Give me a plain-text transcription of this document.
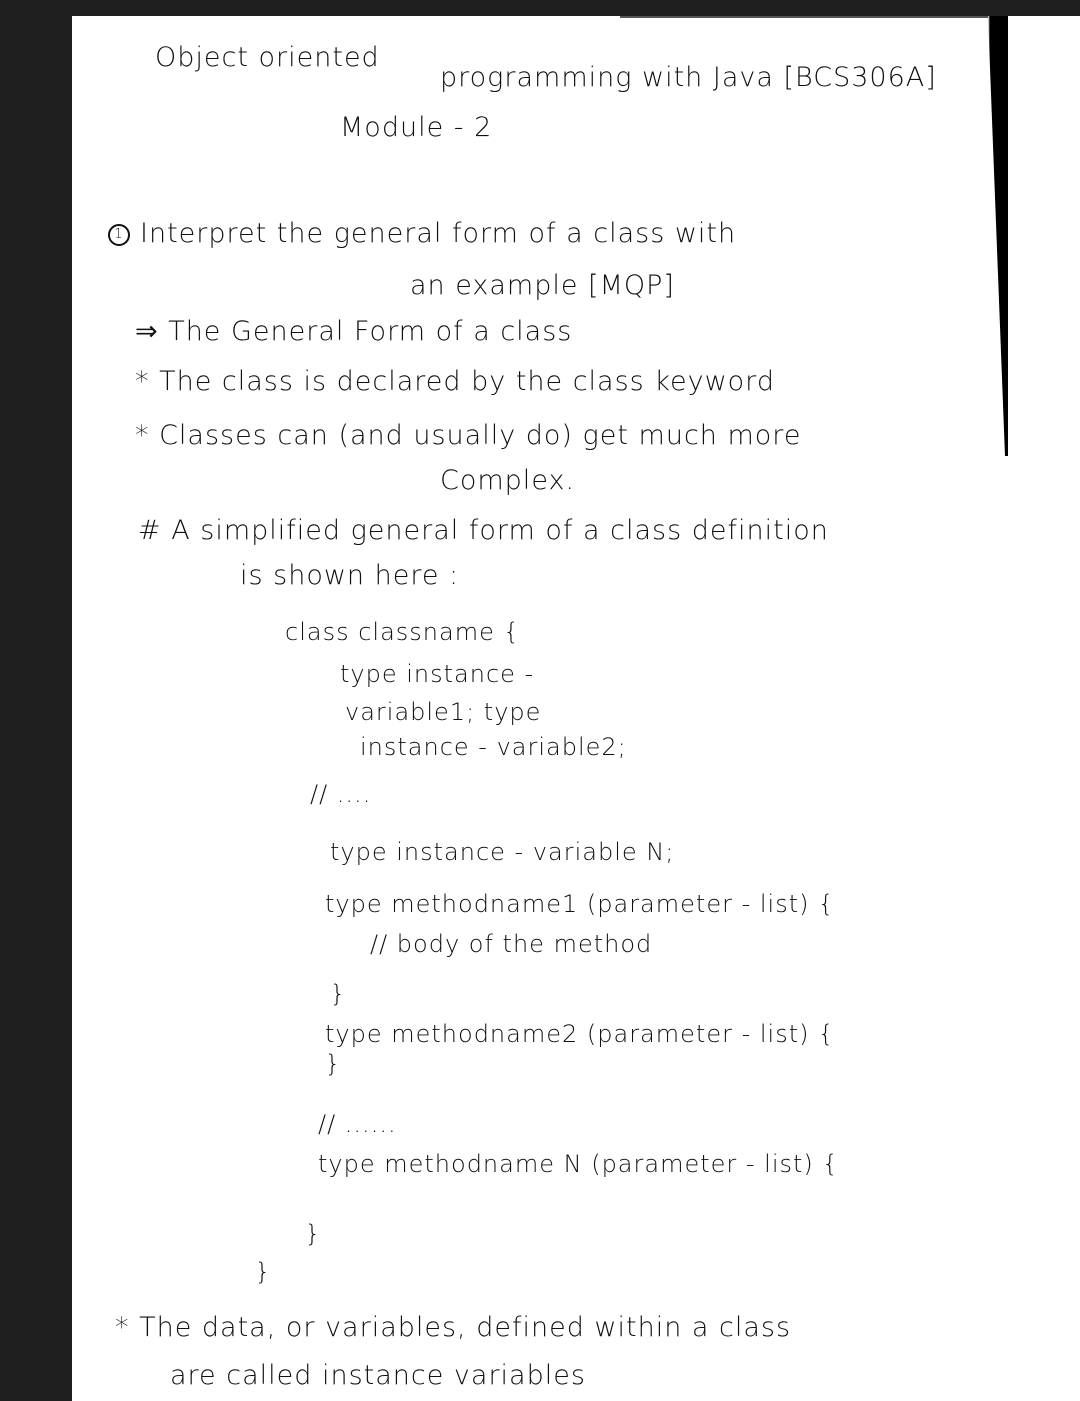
Object oriented
programming with Java [BCS306A]
Module - 2
1 Interpret the general form of a class with
an example [MQP]
⇒ The General Form of a class
* The class is declared by the class keyword
* Classes can (and usually do) get much more
Complex.
# A simplified general form of a class definition
is shown here :
class classname {
type instance -
variable1; type
instance - variable2;
// ....
type instance - variable N;
type methodname1 (parameter - list) {
// body of the method
}
type methodname2 (parameter - list) {
}
// ......
type methodname N (parameter - list) {
}
}
* The data, or variables, defined within a class
are called instance variables
